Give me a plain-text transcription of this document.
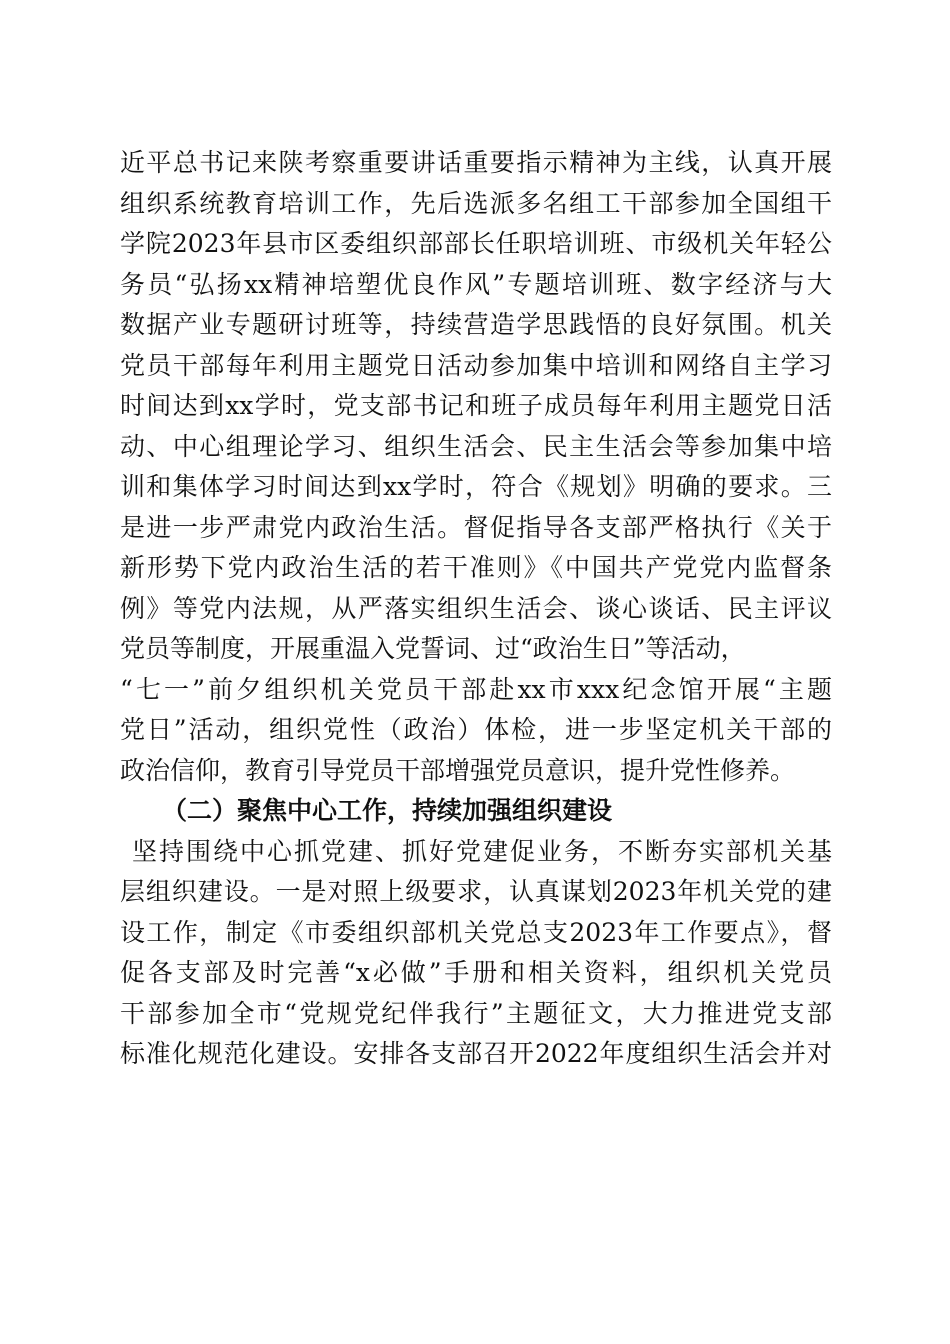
近平总书记来陕考察重要讲话重要指示精神为主线，认真开展
组织系统教育培训工作，先后选派多名组工干部参加全国组干
学院2023年县市区委组织部部长任职培训班、市级机关年轻公
务员“弘扬xx精神培塑优良作风”专题培训班、数字经济与大
数据产业专题研讨班等，持续营造学思践悟的良好氛围。机关
党员干部每年利用主题党日活动参加集中培训和网络自主学习
时间达到xx学时，党支部书记和班子成员每年利用主题党日活
动、中心组理论学习、组织生活会、民主生活会等参加集中培
训和集体学习时间达到xx学时，符合《规划》明确的要求。三
是进一步严肃党内政治生活。督促指导各支部严格执行《关于
新形势下党内政治生活的若干准则》《中国共产党党内监督条
例》等党内法规，从严落实组织生活会、谈心谈话、民主评议
党员等制度，开展重温入党誓词、过“政治生日”等活动，
“七一”前夕组织机关党员干部赴xx市xxx纪念馆开展“主题
党日”活动，组织党性（政治）体检，进一步坚定机关干部的
政治信仰，教育引导党员干部增强党员意识，提升党性修养。
（二）聚焦中心工作，持续加强组织建设
坚持围绕中心抓党建、抓好党建促业务，不断夯实部机关基
层组织建设。一是对照上级要求，认真谋划2023年机关党的建
设工作，制定《市委组织部机关党总支2023年工作要点》，督
促各支部及时完善“x必做”手册和相关资料，组织机关党员
干部参加全市“党规党纪伴我行”主题征文，大力推进党支部
标准化规范化建设。安排各支部召开2022年度组织生活会并对
